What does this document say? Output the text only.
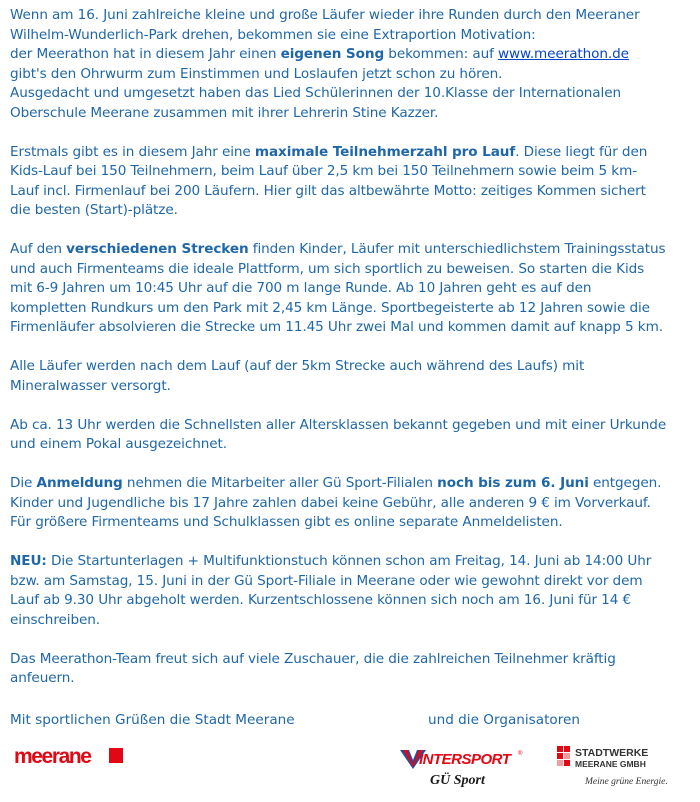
Wenn am 16. Juni zahlreiche kleine und große Läufer wieder ihre Runden durch den Meeraner
Wilhelm-Wunderlich-Park drehen, bekommen sie eine Extraportion Motivation:
der Meerathon hat in diesem Jahr einen eigenen Song bekommen: auf www.meerathon.de
gibt's den Ohrwurm zum Einstimmen und Loslaufen jetzt schon zu hören.
Ausgedacht und umgesetzt haben das Lied Schülerinnen der 10.Klasse der Internationalen
Oberschule Meerane zusammen mit ihrer Lehrerin Stine Kazzer.

Erstmals gibt es in diesem Jahr eine maximale Teilnehmerzahl pro Lauf. Diese liegt für den
Kids-Lauf bei 150 Teilnehmern, beim Lauf über 2,5 km bei 150 Teilnehmern sowie beim 5 km-
Lauf incl. Firmenlauf bei 200 Läufern. Hier gilt das altbewährte Motto: zeitiges Kommen sichert
die besten (Start)-plätze.

Auf den verschiedenen Strecken finden Kinder, Läufer mit unterschiedlichstem Trainingsstatus
und auch Firmenteams die ideale Plattform, um sich sportlich zu beweisen. So starten die Kids
mit 6-9 Jahren um 10:45 Uhr auf die 700 m lange Runde. Ab 10 Jahren geht es auf den
kompletten Rundkurs um den Park mit 2,45 km Länge. Sportbegeisterte ab 12 Jahren sowie die
Firmenläufer absolvieren die Strecke um 11.45 Uhr zwei Mal und kommen damit auf knapp 5 km.

Alle Läufer werden nach dem Lauf (auf der 5km Strecke auch während des Laufs) mit
Mineralwasser versorgt.

Ab ca. 13 Uhr werden die Schnellsten aller Altersklassen bekannt gegeben und mit einer Urkunde
und einem Pokal ausgezeichnet.

Die Anmeldung nehmen die Mitarbeiter aller Gü Sport-Filialen noch bis zum 6. Juni entgegen.
Kinder und Jugendliche bis 17 Jahre zahlen dabei keine Gebühr, alle anderen 9 € im Vorverkauf.
Für größere Firmenteams und Schulklassen gibt es online separate Anmeldelisten.

NEU: Die Startunterlagen + Multifunktionstuch können schon am Freitag, 14. Juni ab 14:00 Uhr
bzw. am Samstag, 15. Juni in der Gü Sport-Filiale in Meerane oder wie gewohnt direkt vor dem
Lauf ab 9.30 Uhr abgeholt werden. Kurzentschlossene können sich noch am 16. Juni für 14 €
einschreiben.

Das Meerathon-Team freut sich auf viele Zuschauer, die die zahlreichen Teilnehmer kräftig
anfeuern.

Mit sportlichen Grüßen die Stadt Meerane	und die Organisatoren
meerane	INTERSPORT	®
GÜ Sport
STADTWERKE
MEERANE GMBH
Meine grüne Energie.
